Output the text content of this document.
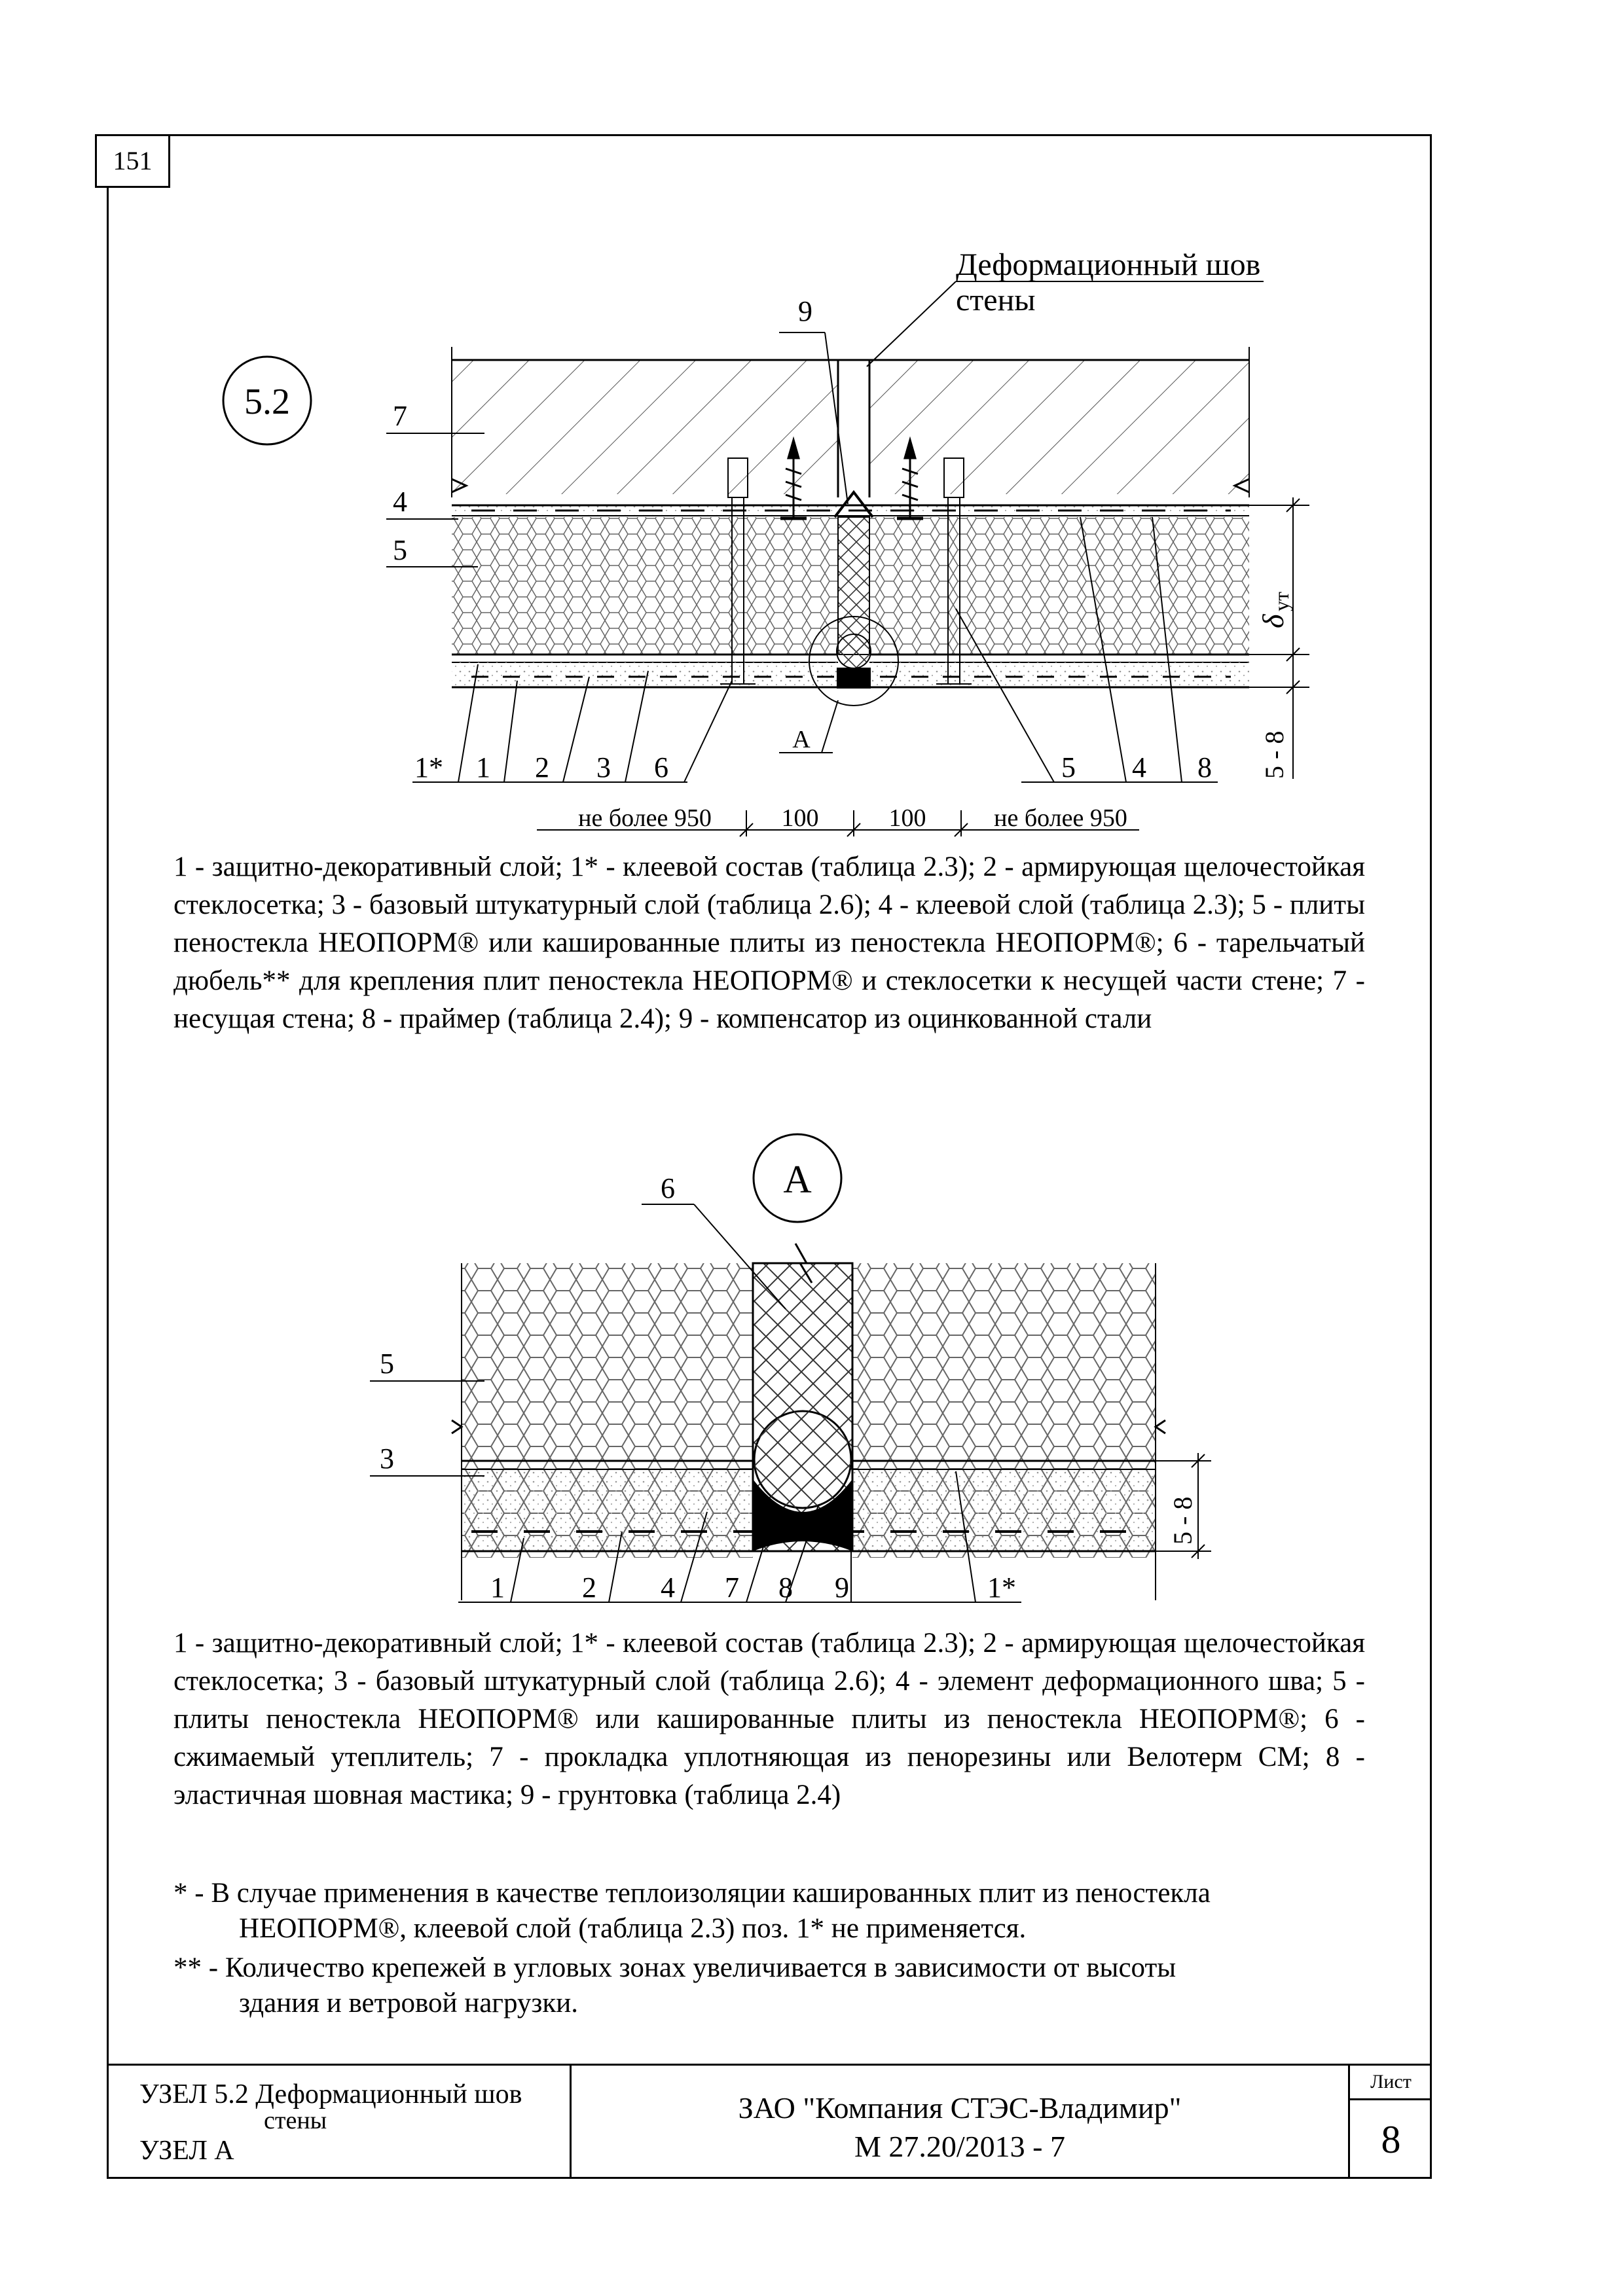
151
5.2
Деформационный шов
стены
9
7
4
5
1* 1 2 3 6
А
5 4 8
δ
ут
5 - 8
не более 950	100	100	не более 950

1 - защитно-декоративный слой; 1* - клеевой состав (таблица 2.3); 2 - армирующая щелочестойкая стеклосетка; 3 - базовый штукатурный слой (таблица 2.6); 4 - клеевой слой (таблица 2.3); 5 - плиты пеностекла НЕОПОРМ® или кашированные плиты из пеностекла НЕОПОРМ®; 6 - тарельчатый дюбель** для крепления плит пеностекла НЕОПОРМ® и стеклосетки к несущей части стене; 7 - несущая стена; 8 - праймер (таблица 2.4); 9 - компенсатор из оцинкованной стали

А
6
5
3
1	2 4 7 8 9	1*
5 - 8

1 - защитно-декоративный слой; 1* - клеевой состав (таблица 2.3); 2 - армирующая щелочестойкая стеклосетка; 3 - базовый штукатурный слой (таблица 2.6); 4 - элемент деформационного шва; 5 - плиты пеностекла НЕОПОРМ® или кашированные плиты из пеностекла НЕОПОРМ®; 6 - сжимаемый утеплитель; 7 - прокладка уплотняющая из пенорезины или Велотерм СМ; 8 - эластичная шовная мастика; 9 - грунтовка (таблица 2.4)

* - В случае применения в качестве теплоизоляции кашированных плит из пеностекла

НЕОПОРМ®, клеевой слой (таблица 2.3) поз. 1* не применяется.

** - Количество крепежей в угловых зонах увеличивается в зависимости от высоты

здания и ветровой нагрузки.

УЗЕЛ 5.2 Деформационный шов
стены
УЗЕЛ А
ЗАО "Компания СТЭС-Владимир"
М 27.20/2013 - 7
Лист
8
